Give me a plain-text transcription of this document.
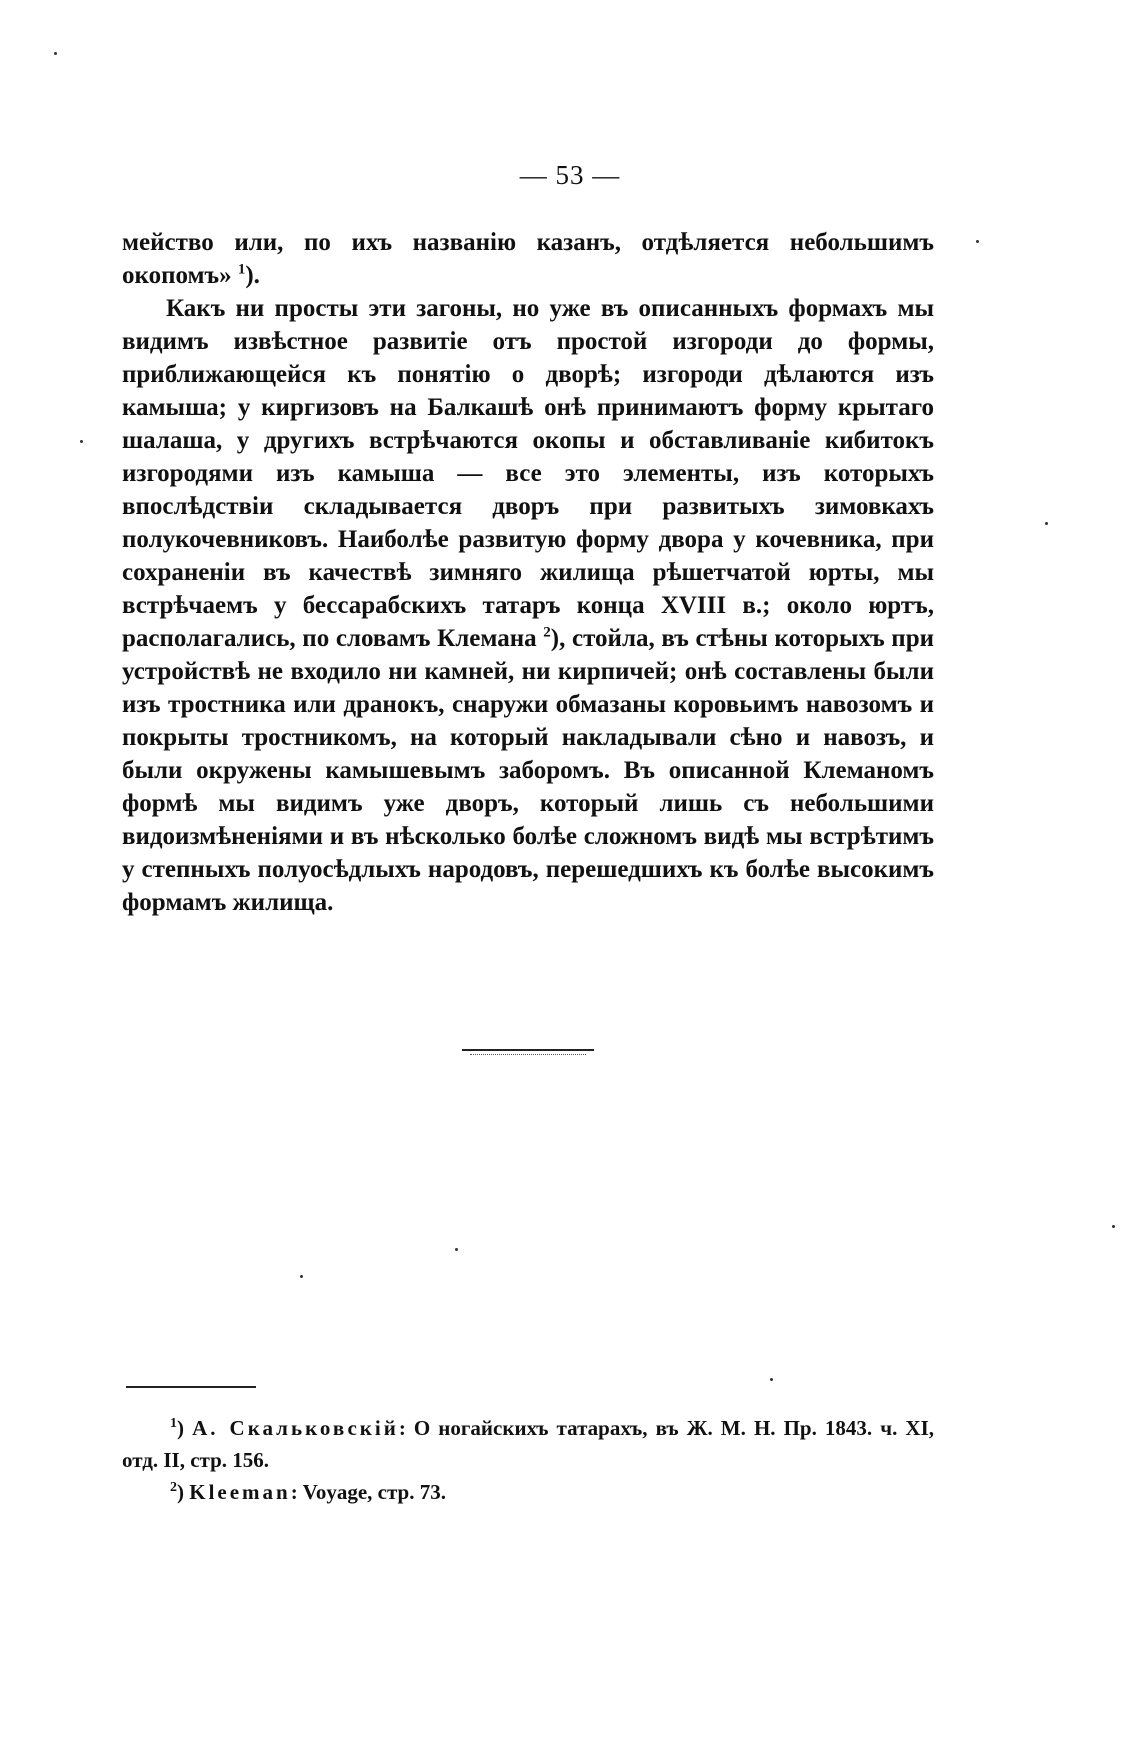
— 53 —

мейство или, по ихъ названію казанъ, отдѣляется небольшимъ окопомъ» $^1$).

Какъ ни просты эти загоны, но уже въ описанныхъ формахъ мы видимъ извѣстное развитіе отъ простой изгороди до формы, приближающейся къ понятію о дворѣ; изгороди дѣлаются изъ камыша; у киргизовъ на Балкашѣ онѣ принимаютъ форму крытаго шалаша, у другихъ встрѣчаются окопы и обставливаніе кибитокъ изгородями изъ камыша — все это элементы, изъ которыхъ впослѣдствіи складывается дворъ при развитыхъ зимовкахъ полукочевниковъ. Наиболѣе развитую форму двора у кочевника, при сохраненіи въ качествѣ зимняго жилища рѣшетчатой юрты, мы встрѣчаемъ у бессарабскихъ татаръ конца XVIII в.; около юртъ, располагались, по словамъ Клемана $^2$), стойла, въ стѣны которыхъ при устройствѣ не входило ни камней, ни кирпичей; онѣ составлены были изъ тростника или дранокъ, снаружи обмазаны коровьимъ навозомъ и покрыты тростникомъ, на который накладывали сѣно и навозъ, и были окружены камышевымъ заборомъ. Въ описанной Клеманомъ формѣ мы видимъ уже дворъ, который лишь съ небольшими видоизмѣненіями и въ нѣсколько болѣе сложномъ видѣ мы встрѣтимъ у степныхъ полуосѣдлыхъ народовъ, перешедшихъ къ болѣе высокимъ формамъ жилища.

$^1$) А. Скальковскій: О ногайскихъ татарахъ, въ Ж. М. Н. Пр. 1843. ч. XI, отд. II, стр. 156.

$^2$) Kleeman: Voyage, стр. 73.
